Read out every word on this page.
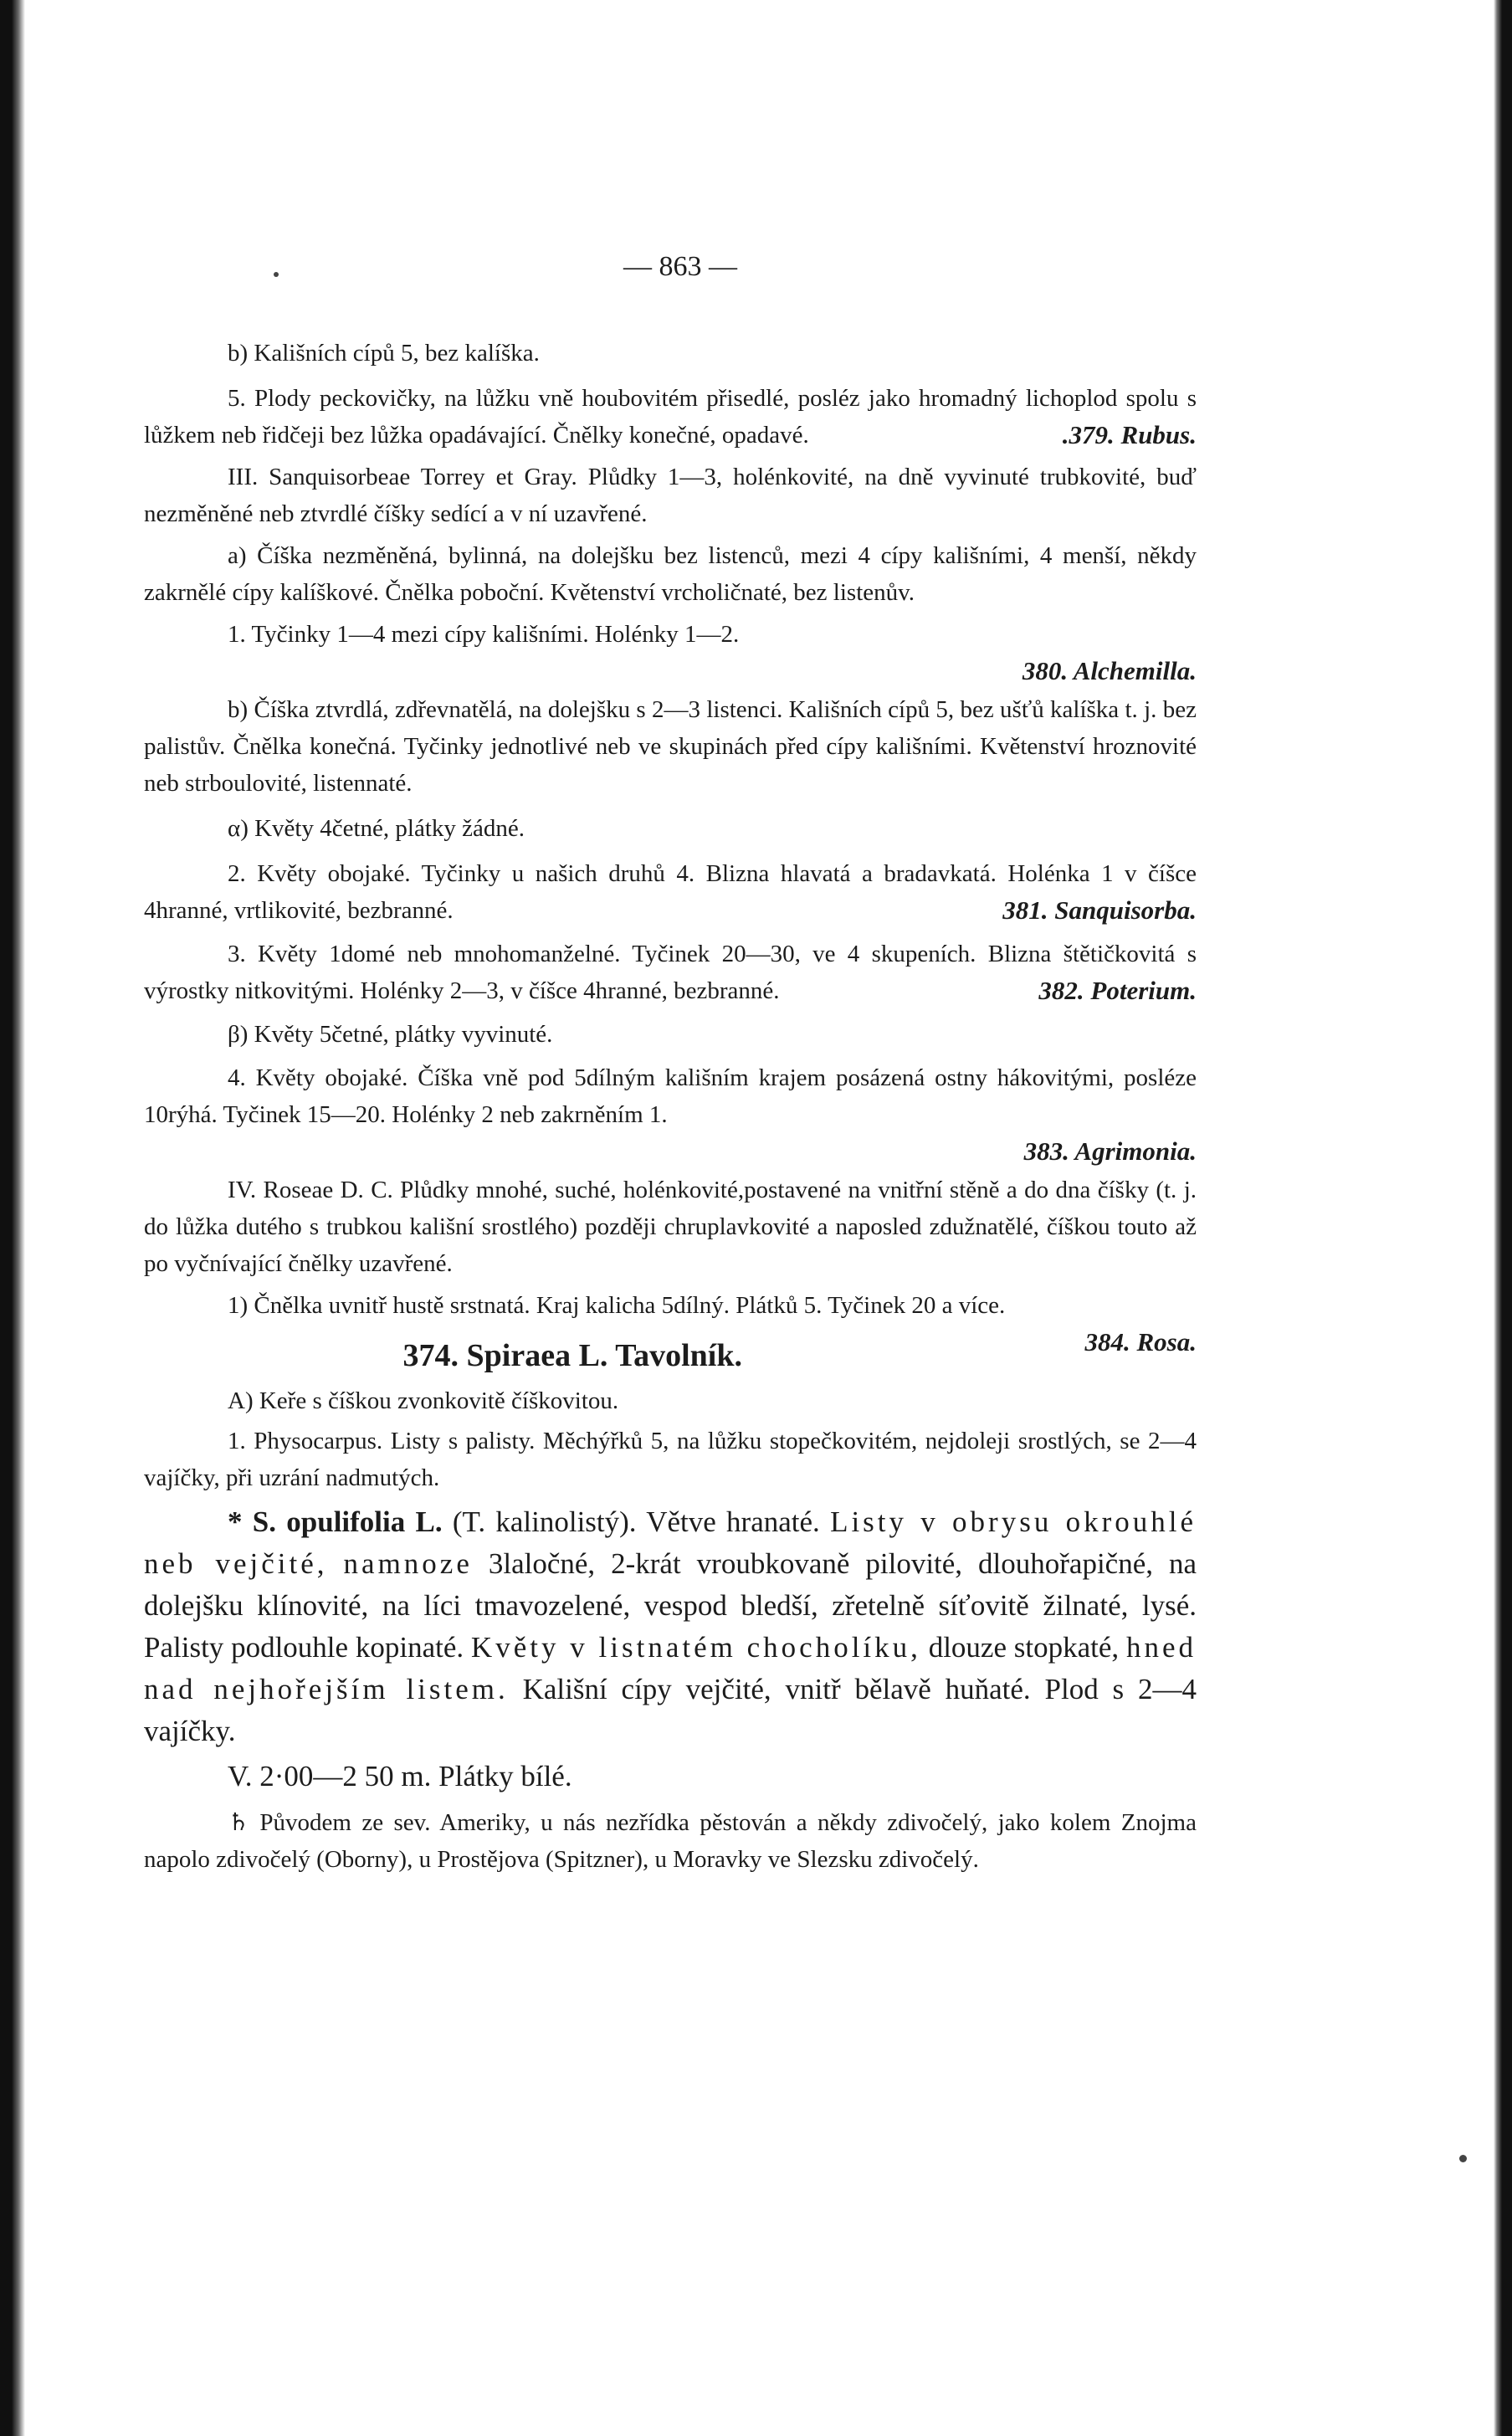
— 863 —

b) Kališních cípů 5, bez kalíška.

5. Plody peckovičky, na lůžku vně houbovitém přisedlé, posléz jako hromadný lichoplod spolu s lůžkem neb řidčeji bez lůžka opadávající. Čnělky konečné, opadavé.	.379. Rubus.

III. Sanquisorbeae Torrey et Gray. Plůdky 1—3, holénkovité, na dně vyvinuté trubkovité, buď nezměněné neb ztvrdlé číšky sedící a v ní uzavřené.

a) Číška nezměněná, bylinná, na dolejšku bez listenců, mezi 4 cípy kališními, 4 menší, někdy zakrnělé cípy kalíškové. Čnělka poboční. Květenství vrcholičnaté, bez listenův.

1. Tyčinky 1—4 mezi cípy kališními. Holénky 1—2.

380. Alchemilla.

b) Číška ztvrdlá, zdřevnatělá, na dolejšku s 2—3 listenci. Kališních cípů 5, bez ušťů kalíška t. j. bez palistův. Čnělka konečná. Tyčinky jednotlivé neb ve skupinách před cípy kališními. Květenství hroznovité neb strboulovité, listennaté.

α) Květy 4četné, plátky žádné.

2. Květy obojaké. Tyčinky u našich druhů 4. Blizna hlavatá a bradavkatá. Holénka 1 v číšce 4hranné, vrtlikovité, bezbranné.	381. Sanquisorba.

3. Květy 1domé neb mnohomanželné. Tyčinek 20—30, ve 4 skupeních. Blizna štětičkovitá s výrostky nitkovitými. Holénky 2—3, v číšce 4hranné, bezbranné.	382. Poterium.

β) Květy 5četné, plátky vyvinuté.

4. Květy obojaké. Číška vně pod 5dílným kališním krajem posázená ostny hákovitými, posléze 10rýhá. Tyčinek 15—20. Holénky 2 neb zakrněním 1.

383. Agrimonia.

IV. Roseae D. C. Plůdky mnohé, suché, holénkovité,postavené na vnitřní stěně a do dna číšky (t. j. do lůžka dutého s trubkou kališní srostlého) později chruplavkovité a naposled zdužnatělé, číškou touto až po vyčnívající čnělky uzavřené.

1) Čnělka uvnitř hustě srstnatá. Kraj kalicha 5dílný. Plátků 5. Tyčinek 20 a více.
384. Rosa.

374. Spiraea L. Tavolník.

A) Keře s číškou zvonkovitě číškovitou.

1. Physocarpus. Listy s palisty. Měchýřků 5, na lůžku stopečkovitém, nejdoleji srostlých, se 2—4 vajíčky, při uzrání nadmutých.

* S. opulifolia L. (T. kalinolistý). Větve hranaté. Listy v obrysu okrouhlé neb vejčité, namnoze 3laločné, 2-krát vroubkovaně pilovité, dlouhořapičné, na dolejšku klínovité, na líci tmavozelené, vespod bledší, zřetelně síťovitě žilnaté, lysé. Palisty podlouhle kopinaté. Květy v listnatém chocholíku, dlouze stopkaté, hned nad nejhořejším listem. Kališní cípy vejčité, vnitř bělavě huňaté. Plod s 2—4 vajíčky.

V. 2·00—2 50 m. Plátky bílé.

♄ Původem ze sev. Ameriky, u nás nezřídka pěstován a někdy zdivočelý, jako kolem Znojma napolo zdivočelý (Oborny), u Prostějova (Spitzner), u Moravky ve Slezsku zdivočelý.
